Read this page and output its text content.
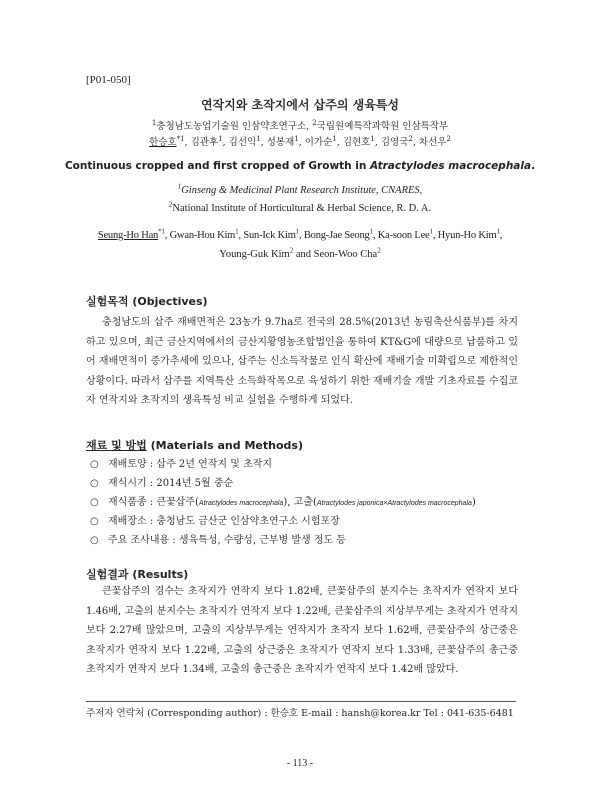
[P01-050]
연작지와 초작지에서 삽주의 생육특성
$^1$충청남도농업기술원 인삼약초연구소, $^2$국립원예특작과학원 인삼특작부
한승호$^{*1}$, 김관후$^1$, 김선익$^1$, 성봉재$^1$, 이가순$^1$, 김현호$^1$, 김영국$^2$, 차선우$^2$
Continuous cropped and first cropped of Growth in Atractylodes macrocephala.
$^1$Ginseng & Medicinal Plant Research Institute, CNARES,
$^2$National Institute of Horticultural & Herbal Science, R. D. A.
Seung-Ho Han$^{*1}$, Gwan-Hou Kim$^1$, Sun-Ick Kim$^1$, Bong-Jae Seong$^1$, Ka-soon Lee$^1$, Hyun-Ho Kim$^1$,
Young-Guk Kim$^2$ and Seon-Woo Cha$^2$
실험목적 (Objectives)

충청남도의 삽주 재배면적은 23농가 9.7ha로 전국의 28.5%(2013년 농림축산식품부)를 차지하고 있으며, 최근 금산지역에서의 금산지황영농조합법인을 통하여 KT&G에 대량으로 납품하고 있어 재배면적이 증가추세에 있으나, 삽주는 신소득작물로 인식 확산에 재배기술 미확립으로 제한적인 상황이다. 따라서 삽주를 지역특산 소득화작목으로 육성하기 위한 재배기술 개발 기초자료를 수집코자 연작지와 초작지의 생육특성 비교 실험을 수행하게 되었다.

재료 및 방법 (Materials and Methods)
○ 재배토양 : 삽주 2년 연작지 및 초작지
○ 재식시기 : 2014년 5월 중순
○ 재식품종 : 큰꽃삽주(Atractylodes macrocephala), 고출(Atractylodes japonica×Atractylodes macrocephala)
○ 재배장소 : 충청남도 금산군 인삼약초연구소 시험포장
○ 주요 조사내용 : 생육특성, 수량성, 근부병 발생 정도 등
실험결과 (Results)

큰꽃삽주의 경수는 초작지가 연작지 보다 1.82배, 큰꽃삽주의 분지수는 초작지가 연작지 보다 1.46배, 고출의 분지수는 초작지가 연작지 보다 1.22배, 큰꽃삽주의 지상부무게는 초작지가 연작지 보다 2.27배 많았으며, 고출의 지상부무게는 연작지가 초작지 보다 1.62배, 큰꽃삽주의 상근중은 초작지가 연작지 보다 1.22배, 고출의 상근중은 초작지가 연작지 보다 1.33배, 큰꽃삽주의 총근중 초작지가 연작지 보다 1.34배, 고출의 총근중은 초작지가 연작지 보다 1.42배 많았다.

주저자 연락처 (Corresponding author) : 한승호 E-mail : hansh@korea.kr Tel : 041-635-6481
- 113 -
